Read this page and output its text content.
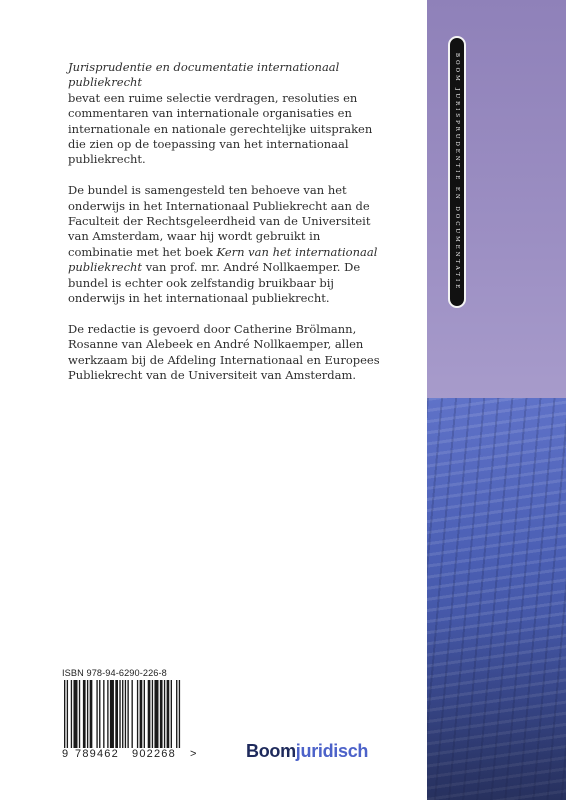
BOOM JURISPRUDENTIE EN DOCUMENTATIE

Jurisprudentie en documentatie internationaal publiekrecht
bevat een ruime selectie verdragen, resoluties en commentaren van internationale organisaties en internationale en nationale gerechtelijke uitspraken die zien op de toepassing van het internationaal publiekrecht.

De bundel is samengesteld ten behoeve van het onderwijs in het Internationaal Publiekrecht aan de Faculteit der Rechtsgeleerdheid van de Universiteit van Amsterdam, waar hij wordt gebruikt in combinatie met het boek Kern van het internationaal publiekrecht van prof. mr. André Nollkaemper. De bundel is echter ook zelfstandig bruikbaar bij onderwijs in het internationaal publiekrecht.

De redactie is gevoerd door Catherine Brölmann, Rosanne van Alebeek en André Nollkaemper, allen werkzaam bij de Afdeling Internationaal en Europees Publiekrecht van de Universiteit van Amsterdam.

ISBN 978-94-6290-226-8
9 789462 902268 >	Boomjuridisch
